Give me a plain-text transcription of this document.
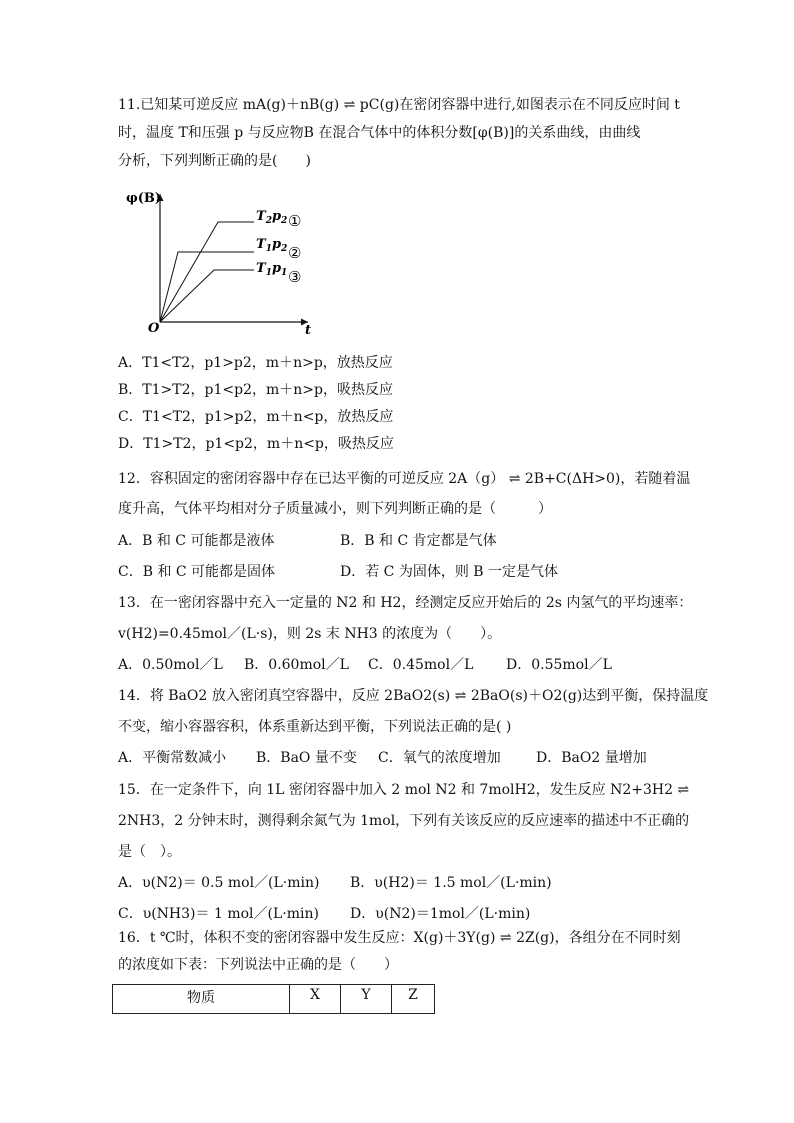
11.已知某可逆反应 mA(g)＋nB(g) ⇌ pC(g)在密闭容器中进行,如图表示在不同反应时间 t
时，温度 T和压强 p 与反应物B 在混合气体中的体积分数[φ(B)]的关系曲线，由曲线
分析，下列判断正确的是(　　)
φ(B)
t
O
$T_2p_2$ ①
$T_1p_2$ ②
$T_1p_1$ ③
A．T1<T2，p1>p2，m＋n>p，放热反应
B．T1>T2，p1<p2，m＋n>p，吸热反应
C．T1<T2，p1>p2，m＋n<p，放热反应
D．T1>T2，p1<p2，m＋n<p，吸热反应
12．容积固定的密闭容器中存在已达平衡的可逆反应 2A（g） ⇌ 2B+C(ΔH>0)，若随着温
度升高，气体平均相对分子质量减小，则下列判断正确的是（　　　）
A．B 和 C 可能都是液体	B．B 和 C 肯定都是气体
C．B 和 C 可能都是固体	D．若 C 为固体，则 B 一定是气体
13．在一密闭容器中充入一定量的 N2 和 H2，经测定反应开始后的 2s 内氢气的平均速率：
v(H2)=0.45mol／(L·s)，则 2s 末 NH3 的浓度为（　　）。
A．0.50mol／L B．0.60mol／L C．0.45mol／L D．0.55mol／L
14．将 BaO2 放入密闭真空容器中，反应 2BaO2(s) ⇌ 2BaO(s)＋O2(g)达到平衡，保持温度
不变，缩小容器容积，体系重新达到平衡，下列说法正确的是( )
A．平衡常数减小 B．BaO 量不变 C．氧气的浓度增加	D．BaO2 量增加
15．在一定条件下，向 1L 密闭容器中加入 2 mol N2 和 7molH2，发生反应 N2+3H2 ⇌
2NH3，2 分钟末时，测得剩余氮气为 1mol，下列有关该反应的反应速率的描述中不正确的
是（　）。
A．υ(N2)＝ 0.5 mol／(L·min) B．υ(H2)＝ 1.5 mol／(L·min)
C．υ(NH3)＝ 1 mol／(L·min) D．υ(N2)＝1mol／(L·min)
16．t ℃时，体积不变的密闭容器中发生反应：X(g)＋3Y(g) ⇌ 2Z(g)，各组分在不同时刻
的浓度如下表：下列说法中正确的是（　　）
物质	X	Y	Z
